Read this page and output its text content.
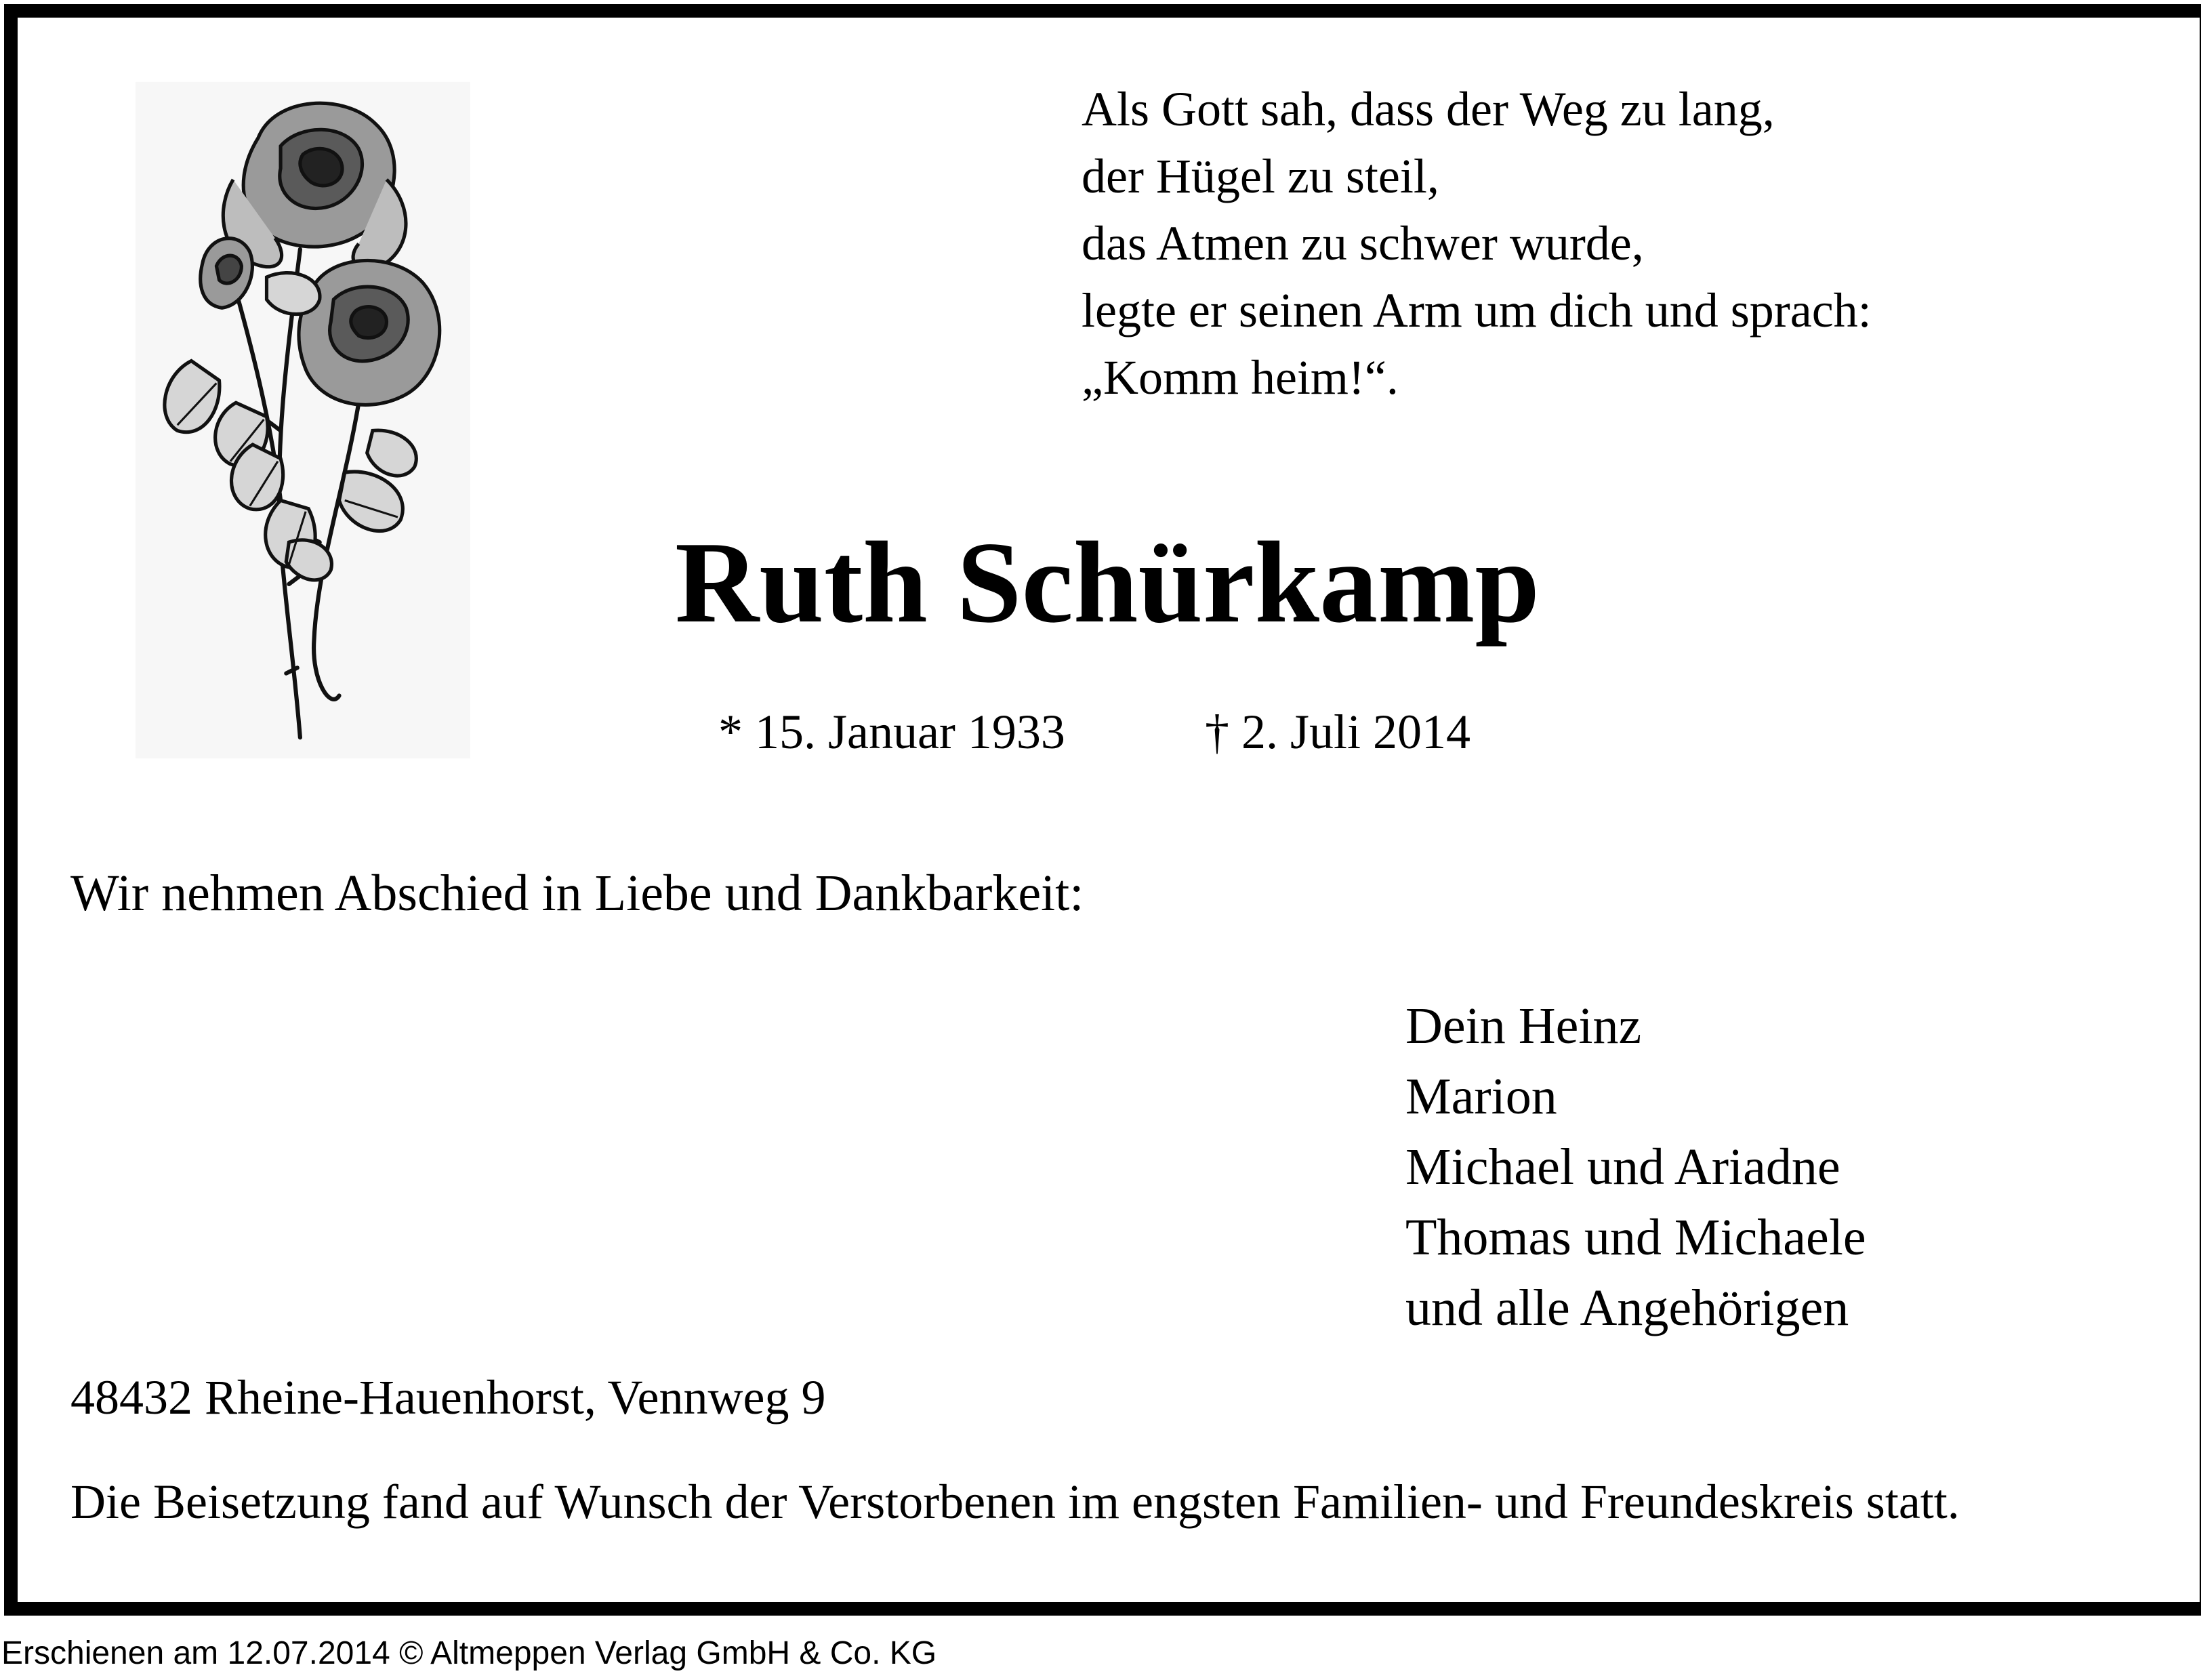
Als Gott sah, dass der Weg zu lang,
der Hügel zu steil,
das Atmen zu schwer wurde,
legte er seinen Arm um dich und sprach:
„Komm heim!“.
Ruth Schürkamp
* 15. Januar 1933	† 2. Juli 2014
Wir nehmen Abschied in Liebe und Dankbarkeit:
Dein Heinz
Marion
Michael und Ariadne
Thomas und Michaele
und alle Angehörigen
48432 Rheine-Hauenhorst, Vennweg 9
Die Beisetzung fand auf Wunsch der Verstorbenen im engsten Familien- und Freundeskreis statt.
Erschienen am 12.07.2014 © Altmeppen Verlag GmbH & Co. KG
